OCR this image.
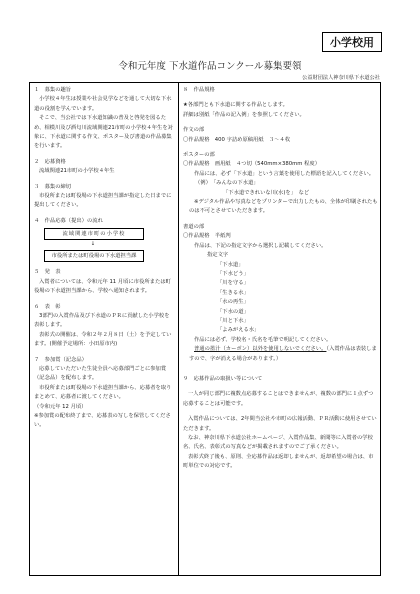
小学校用
令和元年度 下水道作品コンクール募集要領
公益財団法人神奈川県下水道公社
１　募集の趣旨
小学校４年生は授業や社会見学などを通して大切な下水道の役割を学んでいます。
そこで、当公社では下水道知識の普及と啓発を図るため、相模川及び酒匂川流域関連21市町の小学校４年生を対象に、下水道に関する作文、ポスター及び書道の作品募集を行います。
２　応募資格
流域関連21市町の小学校４年生
３　募集の締切
市役所または町役場の下水道担当課が指定した日までに提出してください。
４　作品応募（提出）の流れ
流域関連市町の小学校
↓
市役所または町役場の下水道担当課
５　発　表
入賞者については、令和元年 11 月頃に市役所または町役場の下水道担当課から、学校へ通知されます。
６　表　彰
3部門の入賞作品及び下水道のＰＲに貢献した小学校を表彰します。
表彰式の開催は、令和２年２月８日（土）を予定しています。(開催予定場所：小田原市内)
７　参加賞（記念品）
応募していただいた生徒全員へ応募部門ごとに参加賞（記念品）を配布します。
市役所または町役場の下水道担当課から、応募者を取りまとめて、応募者に渡してください。
（令和元年 12 月頃）
※参加賞の配布終了まで、応募表の写しを保管してください。
８　作品規格
★各部門とも下水道に関する作品とします。
詳細は別紙「作品の記入例」を参照してください。
作文の部
〇作品規格　400 字詰め原稿用紙　３～４枚
ポスターの部
〇作品規格　画用紙　４つ切（540mm×380mm 程度）
作品には、必ず「下水道」という言葉を使用した標語を記入してください。
（例）　「みんなの下水道」
「下水道できれいな川(水)を」　など
※デジタル作品や写真などをプリンターで出力したもの、全体が印刷されたものは不可とさせていただきます。
書道の部
〇作品規格　半紙判
作品は、下記の指定文字から選択し記載してください。
指定文字
「下水道」
「下水どう」
「川を守る」
「生きる水」
「水の再生」
「下水の道」
「川と下水」
「よみがえる水」
作品には必ず、学校名・氏名を毛筆で明記してください。
普通の墨汁（カーボン）以外を使用しないでください。（入賞作品は表装しますので、字が消える場合があります。）
９　応募作品の取扱い等について
一人が同じ部門に複数点応募することはできませんが、複数の部門に１点ずつ応募することは可能です。
入賞作品については、2年間当公社や市町の広報活動、ＰＲ活動に使用させていただきます。
なお、神奈川県下水道公社ホームページ、入賞作品集、新聞等に入賞者の学校名、氏名、表彰式の写真などが掲載されますのでご了承ください。
表彰式終了後も、原則、全応募作品は返却しませんが、返却希望の場合は、市町単位での対応です。
